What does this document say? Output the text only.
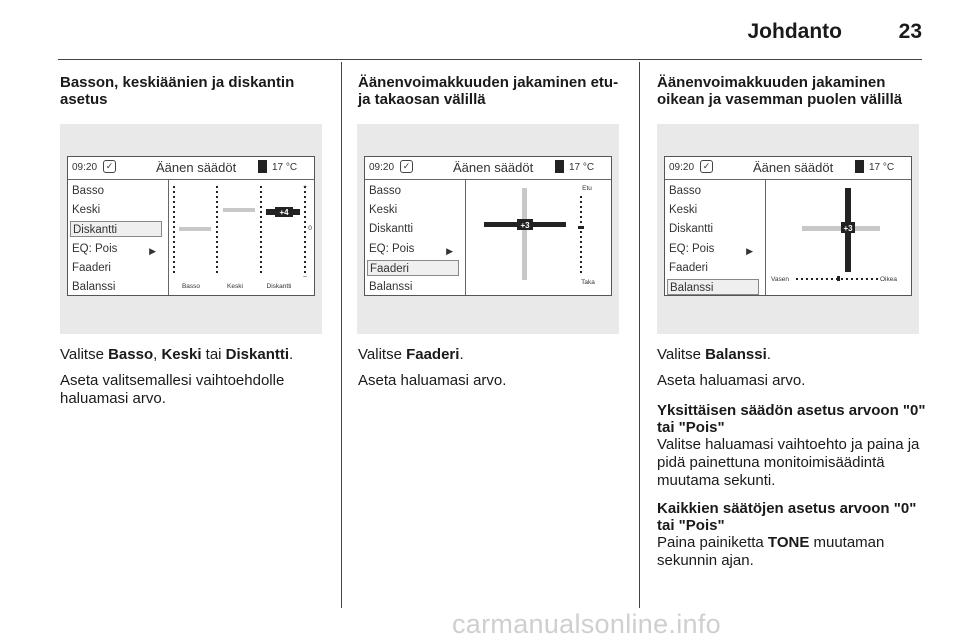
Johdanto	23

Basson, keskiäänien ja diskantin asetus

09:20 ✓	Äänen säädöt	17 °C
Basso
Keski
Diskantti
EQ: Pois	▶
Faaderi
Balanssi
+4
+
0
–
Basso	Keski	Diskantti

Valitse Basso, Keski tai Diskantti.

Aseta valitsemallesi vaihtoehdolle haluamasi arvo.

Äänenvoimakkuuden jakaminen etu- ja takaosan välillä

09:20 ✓	Äänen säädöt	17 °C
Basso
Keski
Diskantti
EQ: Pois	▶
Faaderi
Balanssi
+3
Etu
Taka

Valitse Faaderi.

Aseta haluamasi arvo.

Äänenvoimakkuuden jakaminen oikean ja vasemman puolen välillä

09:20 ✓	Äänen säädöt	17 °C
Basso
Keski
Diskantti
EQ: Pois	▶
Faaderi
Balanssi
+3
Vasen	Oikea

Valitse Balanssi.

Aseta haluamasi arvo.

Yksittäisen säädön asetus arvoon "0" tai "Pois"

Valitse haluamasi vaihtoehto ja paina ja pidä painettuna monitoimisäädintä muutama sekunti.

Kaikkien säätöjen asetus arvoon "0" tai "Pois"

Paina painiketta TONE muutaman sekunnin ajan.

carmanualsonline.info
